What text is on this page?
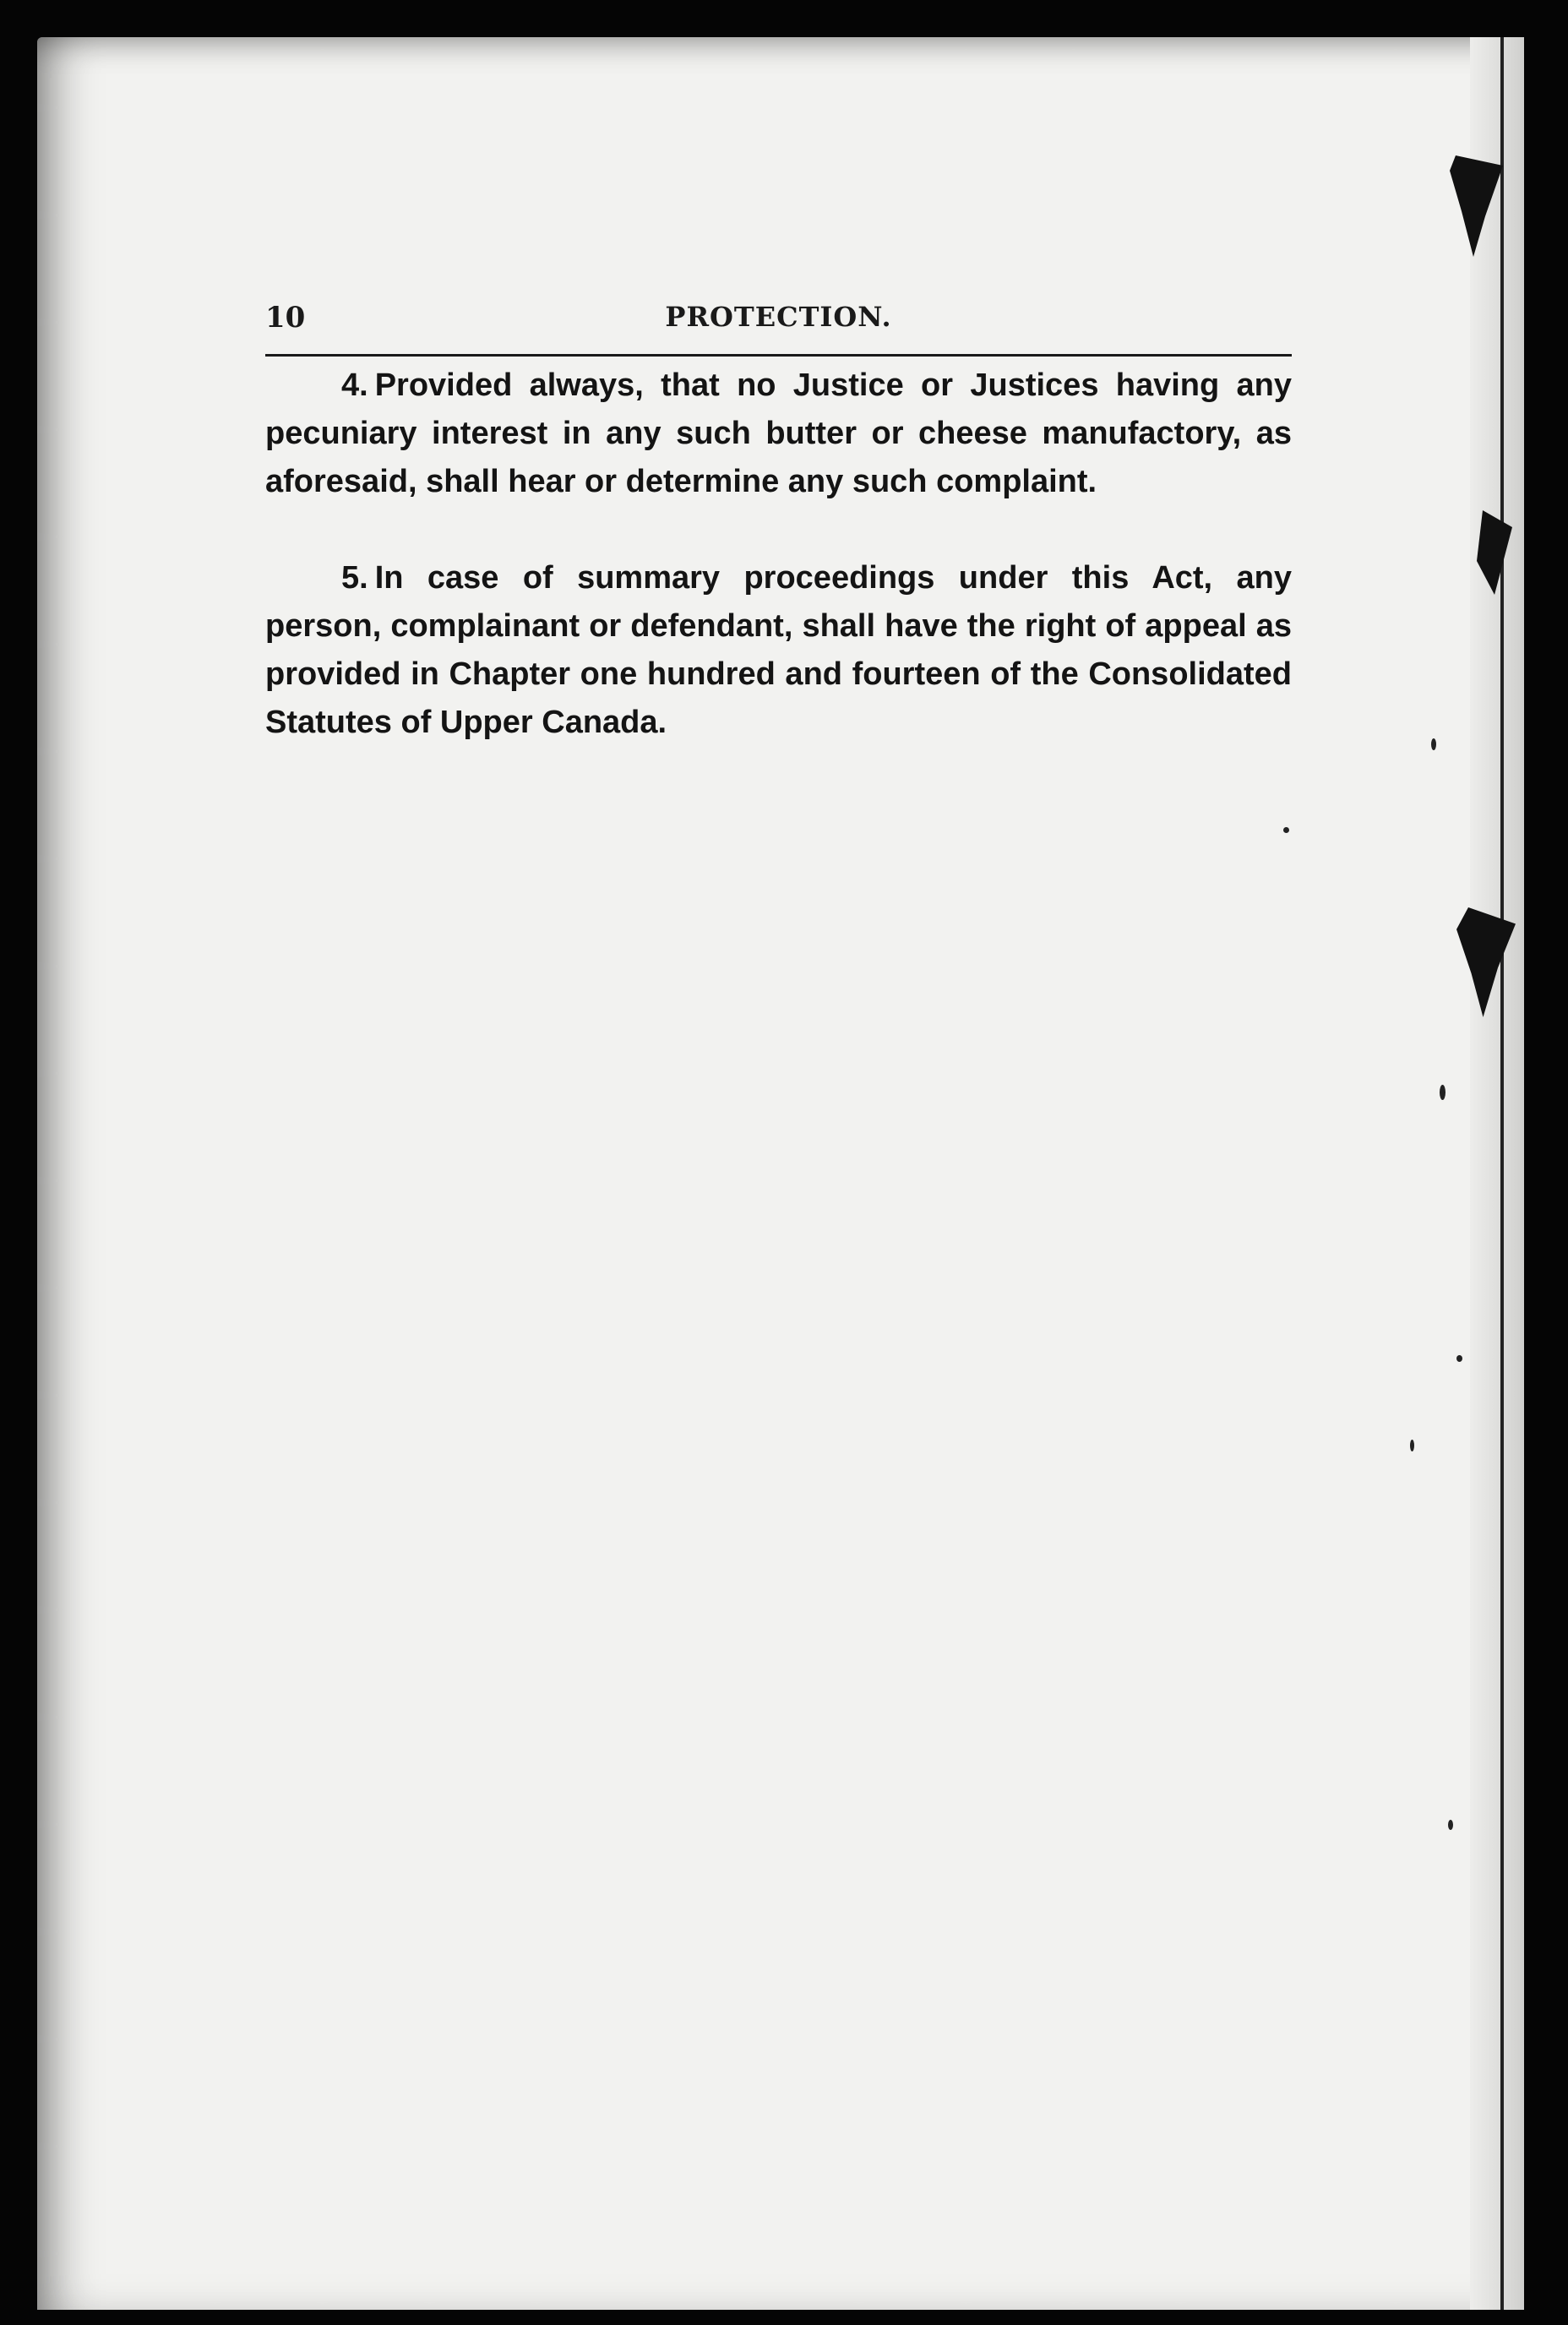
10	PROTECTION.

4. Provided always, that no Justice or Justices having any pecuniary interest in any such butter or cheese manufactory, as aforesaid, shall hear or determine any such complaint.

5. In case of summary proceedings under this Act, any person, complainant or defendant, shall have the right of appeal as provided in Chapter one hundred and fourteen of the Consolidated Statutes of Upper Canada.
